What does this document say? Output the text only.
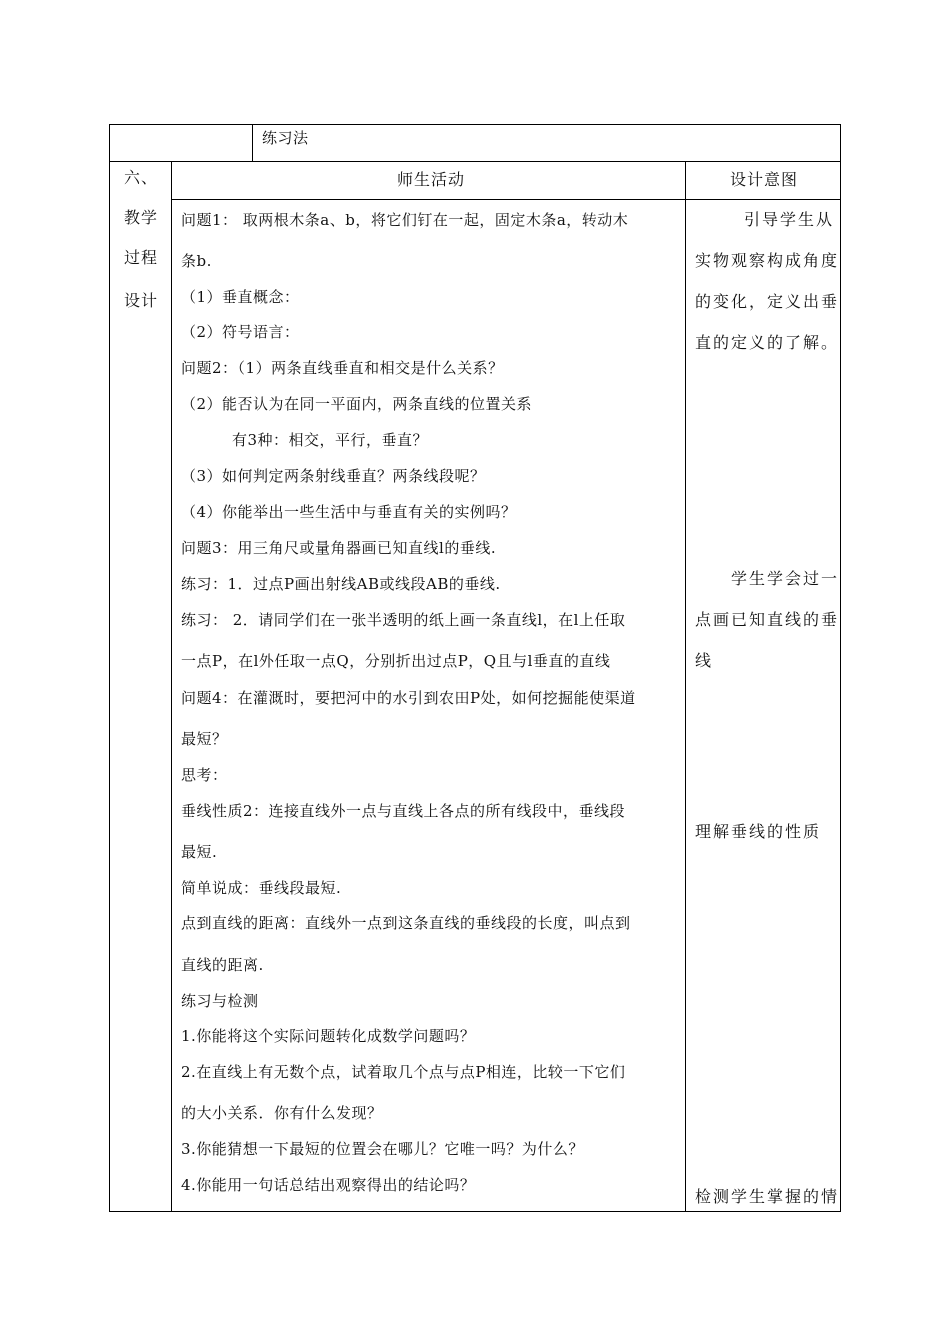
练习法
六、
教学
过程
设计
师生活动	设计意图
问题1： 取两根木条a、b，将它们钉在一起，固定木条a，转动木
条b.
（1）垂直概念：
（2）符号语言：
问题2：（1）两条直线垂直和相交是什么关系？
（2）能否认为在同一平面内，两条直线的位置关系
有3种：相交，平行，垂直？
（3）如何判定两条射线垂直？两条线段呢？
（4）你能举出一些生活中与垂直有关的实例吗？
问题3：用三角尺或量角器画已知直线l的垂线.
练习：1．过点P画出射线AB或线段AB的垂线.
练习： 2．请同学们在一张半透明的纸上画一条直线l，在l上任取
一点P，在l外任取一点Q，分别折出过点P，Q且与l垂直的直线
问题4：在灌溉时，要把河中的水引到农田P处，如何挖掘能使渠道
最短？
思考：
垂线性质2：连接直线外一点与直线上各点的所有线段中，垂线段
最短.
简单说成：垂线段最短.
点到直线的距离：直线外一点到这条直线的垂线段的长度，叫点到
直线的距离.
练习与检测
1.你能将这个实际问题转化成数学问题吗？
2.在直线上有无数个点，试着取几个点与点P相连，比较一下它们
的大小关系．你有什么发现？
3.你能猜想一下最短的位置会在哪儿？它唯一吗？为什么？
4.你能用一句话总结出观察得出的结论吗？
引导学生从
实物观察构成角度
的变化，定义出垂
直的定义的了解。
学生学会过一
点画已知直线的垂
线
理解垂线的性质
检测学生掌握的情
